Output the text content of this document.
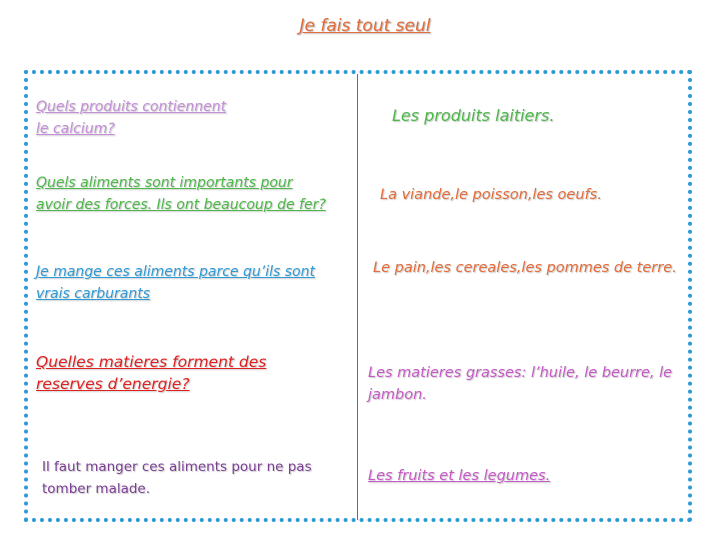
Je fais tout seul
Quels produits contiennent le calcium?
Les produits laitiers.
Quels aliments sont importants pour avoir des forces. Ils ont beaucoup de fer?
La viande,le poisson,les oeufs.
Je mange ces aliments parce qu’ils sont vrais carburants
Le pain,les cereales,les pommes de terre.
Quelles matieres forment des reserves d’energie?
Les matieres grasses: l’huile, le beurre, le jambon.
Il faut manger ces aliments pour ne pas tomber malade.
Les fruits et les legumes.
